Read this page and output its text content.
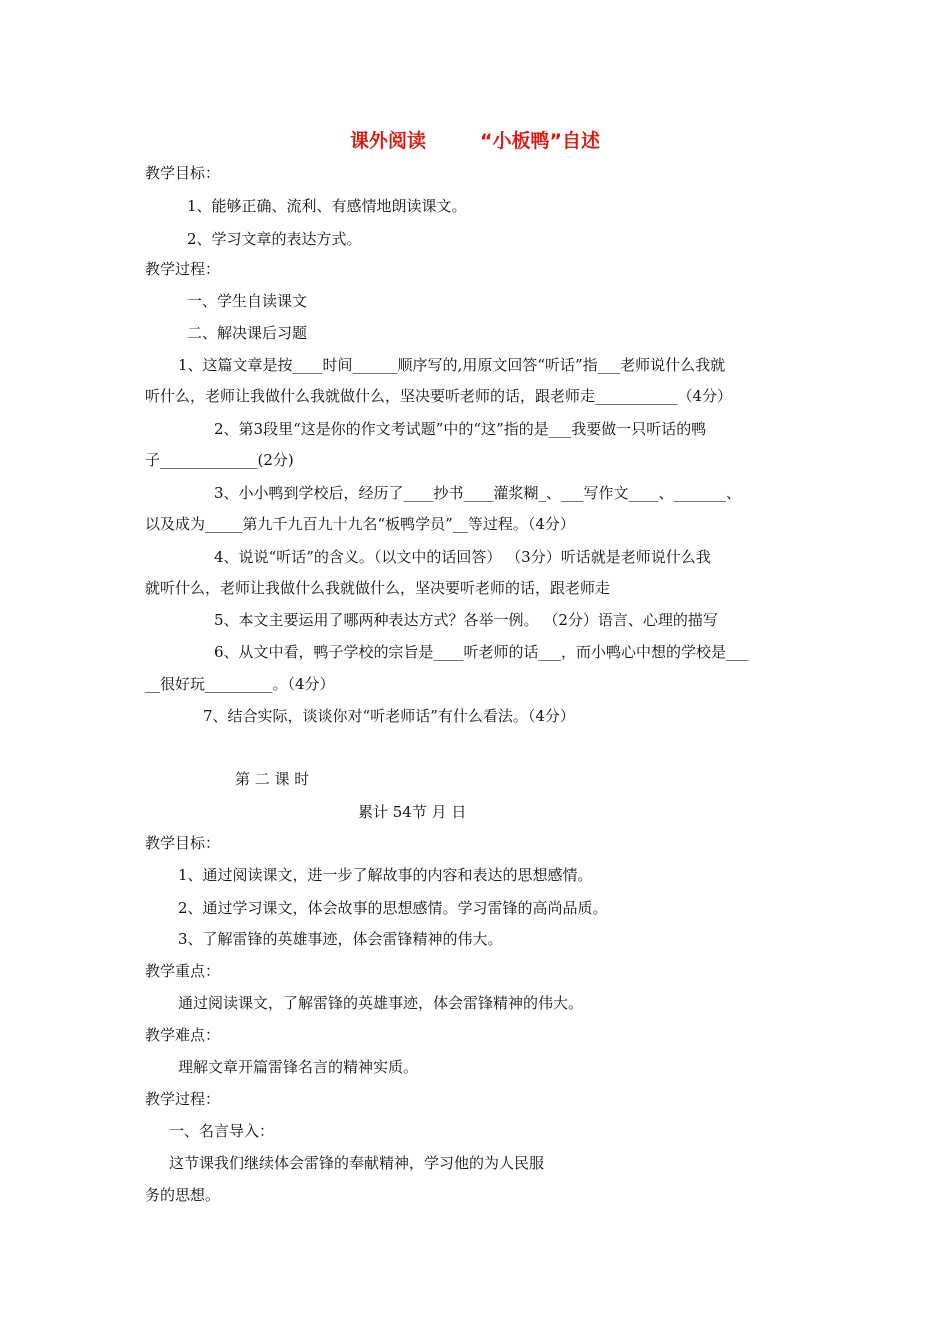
课外阅读	“小板鸭”自述
教学目标：
1、能够正确、流利、有感情地朗读课文。
2、学习文章的表达方式。
教学过程：
一、学生自读课文
二、解决课后习题
1、这篇文章是按____时间______顺序写的,用原文回答“听话”指___老师说什么我就
听什么，老师让我做什么我就做什么，坚决要听老师的话，跟老师走___________（4分）
2、第3段里“这是你的作文考试题”中的“这”指的是___我要做一只听话的鸭
子_____________(2分)
3、小小鸭到学校后，经历了____抄书____灌浆糊_、___写作文____、_______、
以及成为_____第九千九百九十九名“板鸭学员”__等过程。（4分）
4、说说“听话”的含义。（以文中的话回答） （3分）听话就是老师说什么我
就听什么，老师让我做什么我就做什么，坚决要听老师的话，跟老师走
5、本文主要运用了哪两种表达方式？各举一例。 （2分）语言、心理的描写
6、从文中看，鸭子学校的宗旨是____听老师的话___，而小鸭心中想的学校是___
__很好玩_________。（4分）
7、结合实际，谈谈你对“听老师话”有什么看法。（4分）
第 二 课 时
累计 54节 月 日
教学目标：
1、通过阅读课文，进一步了解故事的内容和表达的思想感情。
2、通过学习课文，体会故事的思想感情。学习雷锋的高尚品质。
3、了解雷锋的英雄事迹，体会雷锋精神的伟大。
教学重点：
通过阅读课文，了解雷锋的英雄事迹，体会雷锋精神的伟大。
教学难点：
理解文章开篇雷锋名言的精神实质。
教学过程：
一、名言导入：
这节课我们继续体会雷锋的奉献精神，学习他的为人民服
务的思想。
